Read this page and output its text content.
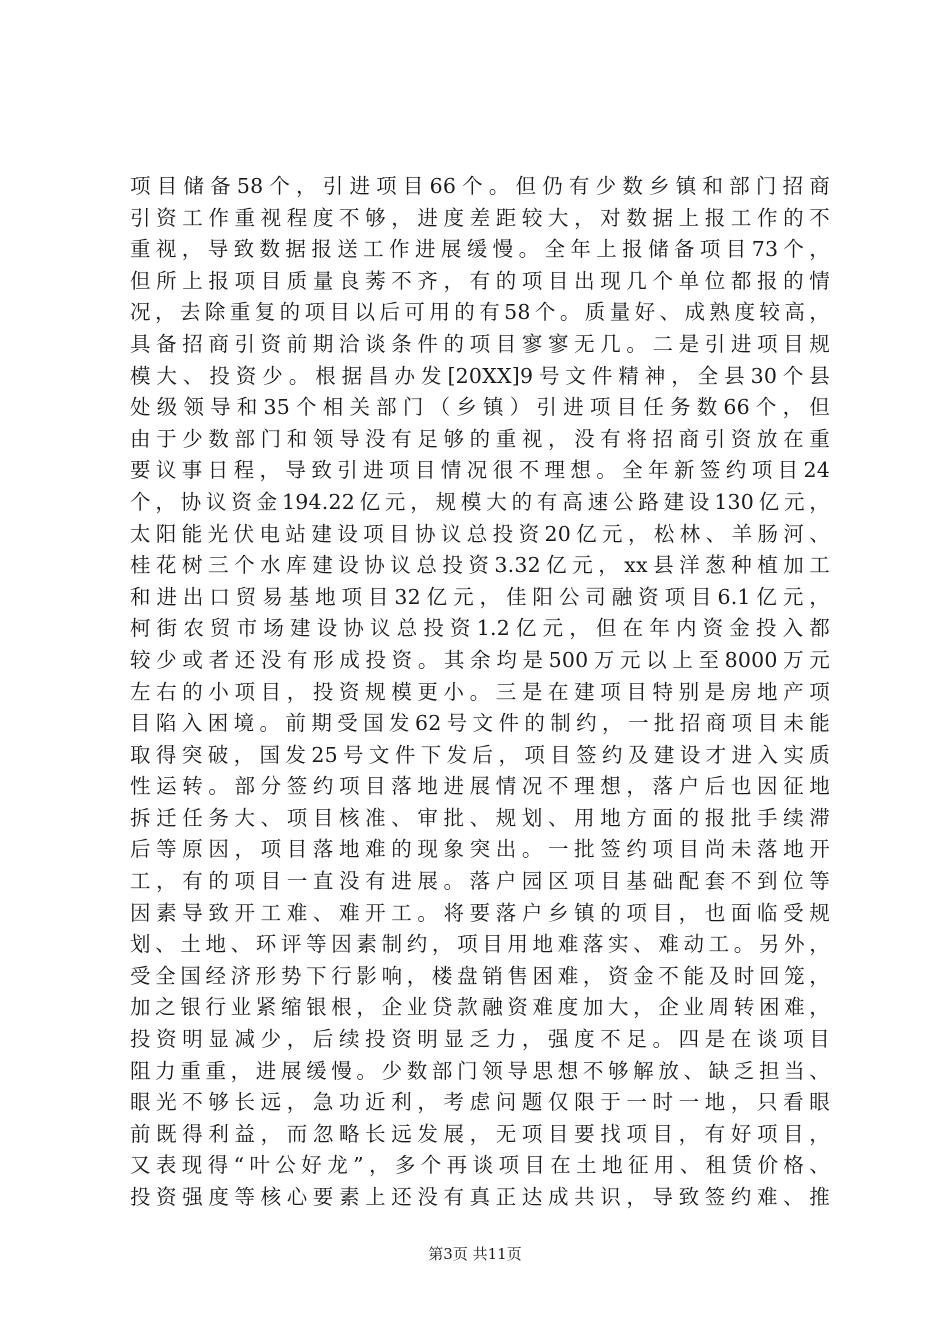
项目储备58个，引进项目66个。但仍有少数乡镇和部门招商
引资工作重视程度不够，进度差距较大，对数据上报工作的不
重视，导致数据报送工作进展缓慢。全年上报储备项目73个，
但所上报项目质量良莠不齐，有的项目出现几个单位都报的情
况，去除重复的项目以后可用的有58个。质量好、成熟度较高，
具备招商引资前期洽谈条件的项目寥寥无几。二是引进项目规
模大、投资少。根据昌办发[20XX]9号文件精神，全县30个县
处级领导和35个相关部门（乡镇）引进项目任务数66个，但
由于少数部门和领导没有足够的重视，没有将招商引资放在重
要议事日程，导致引进项目情况很不理想。全年新签约项目24
个，协议资金194.22亿元，规模大的有高速公路建设130亿元，
太阳能光伏电站建设项目协议总投资20亿元，松林、羊肠河、
桂花树三个水库建设协议总投资3.32亿元，xx县洋葱种植加工
和进出口贸易基地项目32亿元，佳阳公司融资项目6.1亿元，
柯街农贸市场建设协议总投资1.2亿元，但在年内资金投入都
较少或者还没有形成投资。其余均是500万元以上至8000万元
左右的小项目，投资规模更小。三是在建项目特别是房地产项
目陷入困境。前期受国发62号文件的制约，一批招商项目未能
取得突破，国发25号文件下发后，项目签约及建设才进入实质
性运转。部分签约项目落地进展情况不理想，落户后也因征地
拆迁任务大、项目核准、审批、规划、用地方面的报批手续滞
后等原因，项目落地难的现象突出。一批签约项目尚未落地开
工，有的项目一直没有进展。落户园区项目基础配套不到位等
因素导致开工难、难开工。将要落户乡镇的项目，也面临受规
划、土地、环评等因素制约，项目用地难落实、难动工。另外，
受全国经济形势下行影响，楼盘销售困难，资金不能及时回笼，
加之银行业紧缩银根，企业贷款融资难度加大，企业周转困难，
投资明显减少，后续投资明显乏力，强度不足。四是在谈项目
阻力重重，进展缓慢。少数部门领导思想不够解放、缺乏担当、
眼光不够长远，急功近利，考虑问题仅限于一时一地，只看眼
前既得利益，而忽略长远发展，无项目要找项目，有好项目，
又表现得“叶公好龙”，多个再谈项目在土地征用、租赁价格、
投资强度等核心要素上还没有真正达成共识，导致签约难、推
第3页 共11页
